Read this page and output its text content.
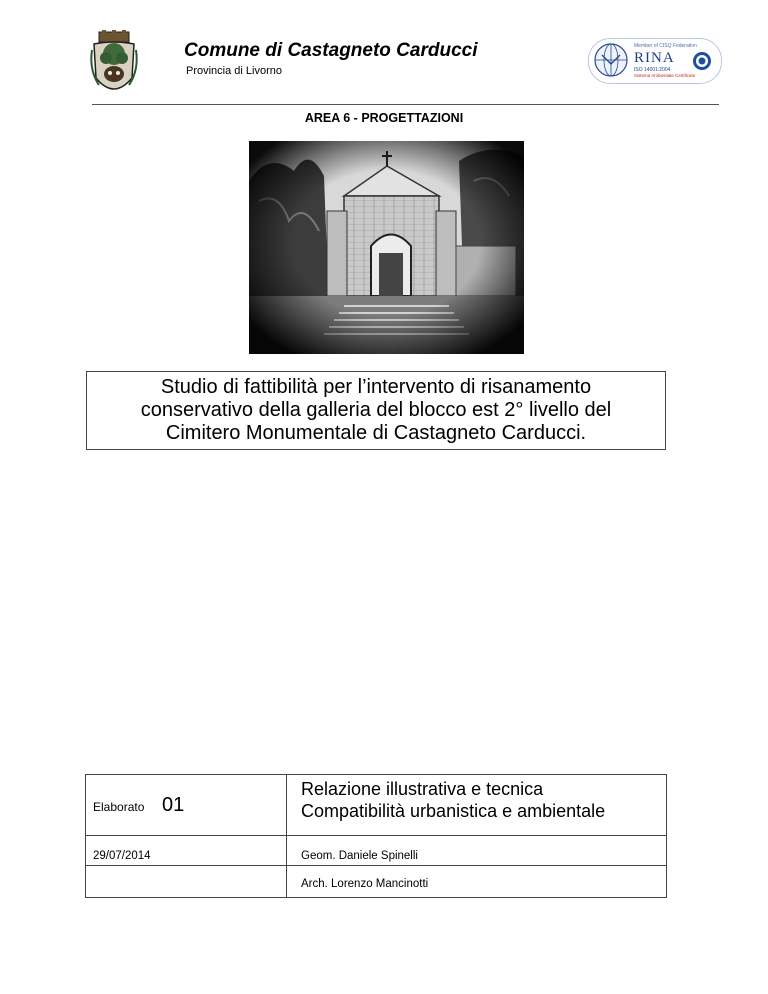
Comune di Castagneto Carducci
Provincia di Livorno
Member of CISQ Federation
RINA
ISO 14001:2004
Sistema Ambientale Certificato
AREA 6 - PROGETTAZIONI
Studio di fattibilità per l’intervento di risanamento
conservativo della galleria del blocco est 2° livello del
Cimitero Monumentale di Castagneto Carducci.
Elaborato 01
Relazione illustrativa e tecnica
Compatibilità urbanistica e ambientale
29/07/2014	Geom. Daniele Spinelli
Arch. Lorenzo Mancinotti
